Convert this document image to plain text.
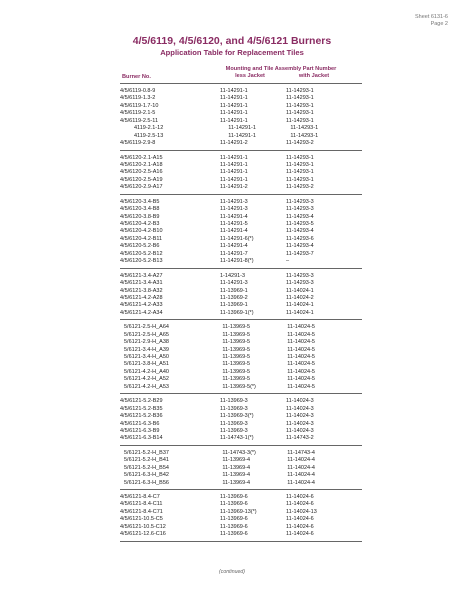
Sheet 6131-6
Page 2
4/5/6119, 4/5/6120, and 4/5/6121 Burners
Application Table for Replacement Tiles
Burner No.
Mounting and Tile Assembly Part Number
less Jacket	with Jacket
4/5/6119-0.8-9	11-14291-1	11-14293-1
4/5/6119-1.3-2	11-14291-1	11-14293-1
4/5/6119-1.7-10	11-14291-1	11-14293-1
4/5/6119-2.1-5	11-14291-1	11-14293-1
4/5/6119-2.5-11	11-14291-1	11-14293-1
4119-2.1-12	11-14291-1	11-14293-1
4119-2.5-13	11-14291-1	11-14293-1
4/5/6119-2.9-8	11-14291-2	11-14293-2
4/5/6120-2.1-A15	11-14291-1	11-14293-1
4/5/6120-2.1-A18	11-14291-1	11-14293-1
4/5/6120-2.5-A16	11-14291-1	11-14293-1
4/5/6120-2.5-A19	11-14291-1	11-14293-1
4/5/6120-2.9-A17	11-14291-2	11-14293-2
4/5/6120-3.4-B5	11-14291-3	11-14293-3
4/5/6120-3.4-B8	11-14291-3	11-14293-3
4/5/6120-3.8-B9	11-14291-4	11-14293-4
4/5/6120-4.2-B3	11-14291-5	11-14293-5
4/5/6120-4.2-B10	11-14291-4	11-14293-4
4/5/6120-4.2-B11	11-14291-6(*)	11-14293-6
4/5/6120-5.2-B6	11-14291-4	11-14293-4
4/5/6120-5.2-B12	11-14291-7	11-14293-7
4/5/6120-5.2-B13	11-14291-8(*)	–
4/5/6121-3.4-A27	1-14291-3	11-14293-3
4/5/6121-3.4-A31	11-14291-3	11-14293-3
4/5/6121-3.8-A32	11-13969-1	11-14024-1
4/5/6121-4.2-A28	11-13969-2	11-14024-2
4/5/6121-4.2-A33	11-13969-1	11-14024-1
4/5/6121-4.2-A34	11-13969-1(*)	11-14024-1
5/6121-2.5-H_A64	11-13969-5	11-14024-5
5/6121-2.5-H_A65	11-13969-5	11-14024-5
5/6121-2.9-H_A38	11-13969-5	11-14024-5
5/6121-3.4-H_A39	11-13969-5	11-14024-5
5/6121-3.4-H_A50	11-13969-5	11-14024-5
5/6121-3.8-H_A51	11-13969-5	11-14024-5
5/6121-4.2-H_A40	11-13969-5	11-14024-5
5/6121-4.2-H_A52	11-13969-5	11-14024-5
5/6121-4.2-H_A53	11-13969-5(*)	11-14024-5
4/5/6121-5.2-B29	11-13969-3	11-14024-3
4/5/6121-5.2-B35	11-13969-3	11-14024-3
4/5/6121-5.2-B36	11-13969-3(*)	11-14024-3
4/5/6121-6.3-B6	11-13969-3	11-14024-3
4/5/6121-6.3-B9	11-13969-3	11-14024-3
4/5/6121-6.3-B14	11-14743-1(*)	11-14743-2
5/6121-5.2-H_B37	11-14743-3(*)	11-14743-4
5/6121-5.2-H_B41	11-13969-4	11-14024-4
5/6121-5.2-H_B54	11-13969-4	11-14024-4
5/6121-6.3-H_B42	11-13969-4	11-14024-4
5/6121-6.3-H_B56	11-13969-4	11-14024-4
4/5/6121-8.4-C7	11-13969-6	11-14024-6
4/5/6121-8.4-C11	11-13969-6	11-14024-6
4/5/6121-8.4-C71	11-13969-13(*)	11-14024-13
4/5/6121-10.5-C5	11-13969-6	11-14024-6
4/5/6121-10.5-C12	11-13969-6	11-14024-6
4/5/6121-12.6-C16	11-13969-6	11-14024-6
(continued)
